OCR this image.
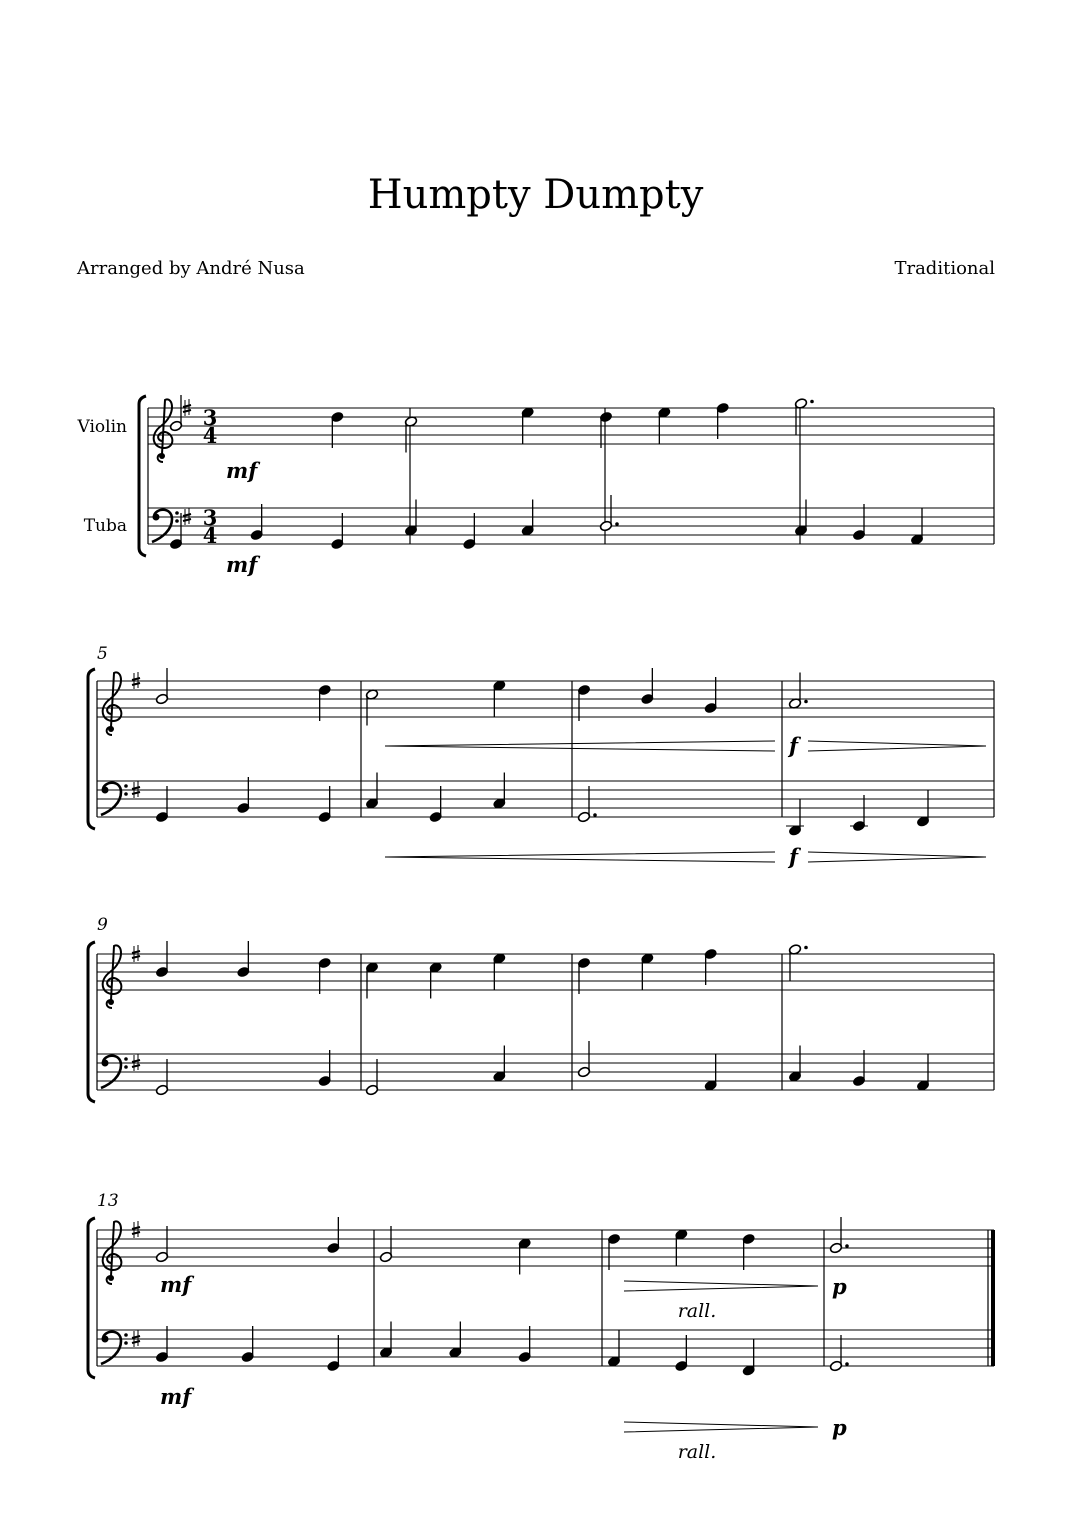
Humpty Dumpty
Arranged by André Nusa	Traditional
Violin
Tuba
5
9
13
3
4
3
4
mf
mf
f
f
mf
mf
p
rall.
p
rall.
